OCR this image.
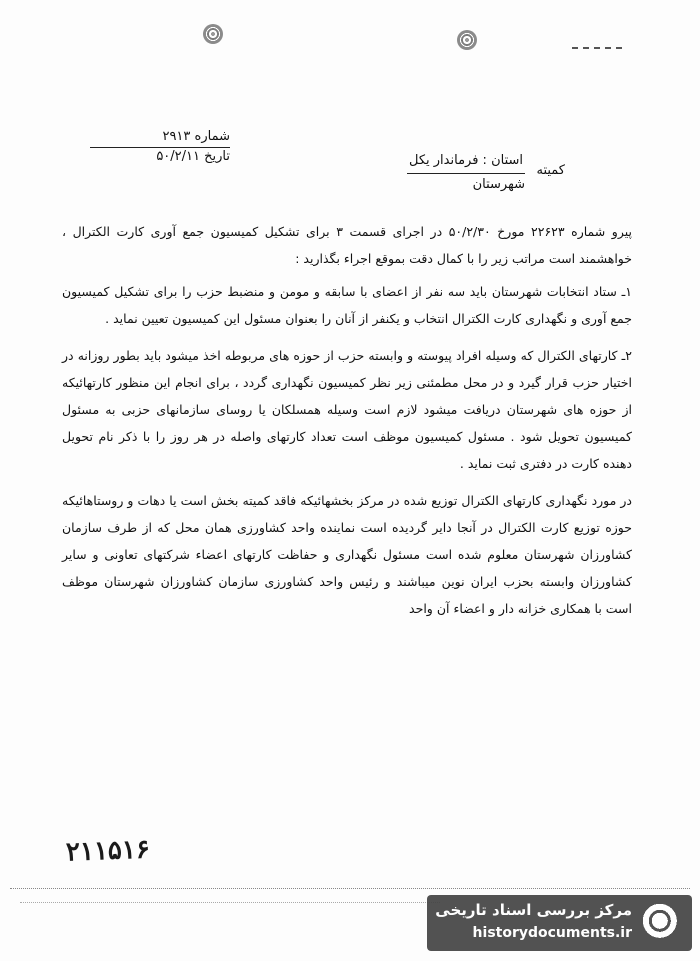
شماره ۲۹۱۳
تاریخ ۵۰/۲/۱۱
کمیته
استان : فرماندار یکل
شهرستان

پیرو شماره ۲۲۶۲۳ مورخ ۵۰/۲/۳۰ در اجرای قسمت ۳ برای تشکیل کمیسیون جمع آوری کارت الکترال ، خواهشمند است مراتب زیر را با کمال دقت بموقع اجراء بگذارید :

۱ـ ستاد انتخابات شهرستان باید سه نفر از اعضای با سابقه و مومن و منضبط حزب را برای تشکیل کمیسیون جمع آوری و نگهداری کارت الکترال انتخاب و یکنفر از آنان را بعنوان مسئول این کمیسیون تعیین نماید .

۲ـ کارتهای الکترال که وسیله افراد پیوسته و وابسته حزب از حوزه های مربوطه اخذ میشود باید بطور روزانه در اختیار حزب قرار گیرد و در محل مطمئنی زیر نظر کمیسیون نگهداری گردد ، برای انجام این منظور کارتهائیکه از حوزه های شهرستان دریافت میشود لازم است وسیله همسلکان یا روسای سازمانهای حزبی به مسئول کمیسیون تحویل شود . مسئول کمیسیون موظف است تعداد کارتهای واصله در هر روز را با ذکر نام تحویل دهنده کارت در دفتری ثبت نماید .

در مورد نگهداری کارتهای الکترال توزیع شده در مرکز بخشهائیکه فاقد کمیته بخش است یا دهات و روستاهائیکه حوزه توزیع کارت الکترال در آنجا دایر گردیده است نماینده واحد کشاورزی همان محل که از طرف سازمان کشاورزان شهرستان معلوم شده است مسئول نگهداری و حفاظت کارتهای اعضاء شرکتهای تعاونی و سایر کشاورزان وابسته بحزب ایران نوین میباشند و رئیس واحد کشاورزی سازمان کشاورزان شهرستان موظف است با همکاری خزانه دار و اعضاء آن واحد

۲۱۱۵۱۶
مرکز بررسی اسناد تاریخی
historydocuments.ir
